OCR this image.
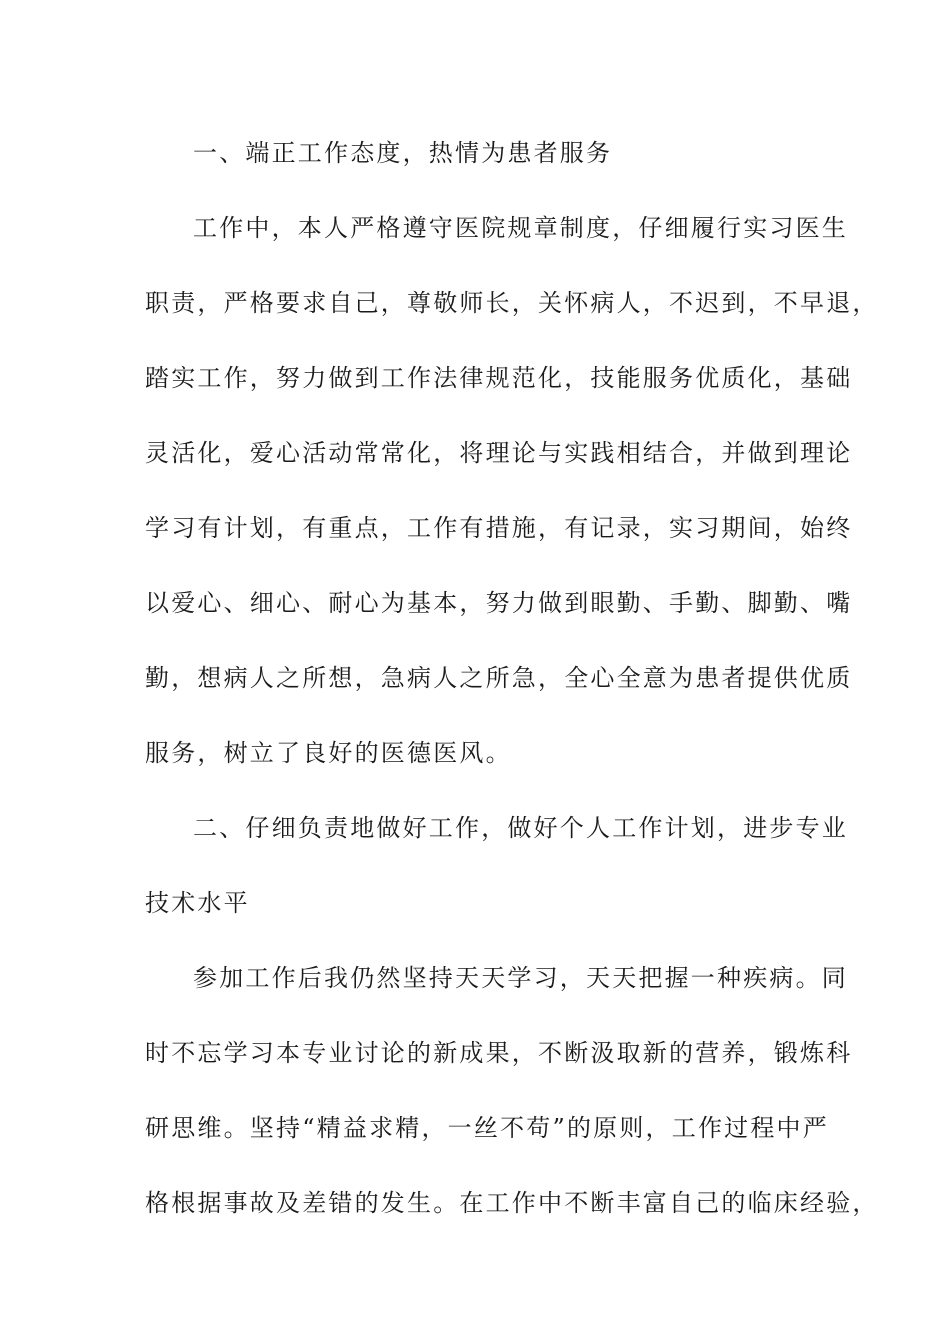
一、端正工作态度，热情为患者服务
工作中，本人严格遵守医院规章制度，仔细履行实习医生
职责，严格要求自己，尊敬师长，关怀病人，不迟到，不早退，
踏实工作，努力做到工作法律规范化，技能服务优质化，基础
灵活化，爱心活动常常化，将理论与实践相结合，并做到理论
学习有计划，有重点，工作有措施，有记录，实习期间，始终
以爱心、细心、耐心为基本，努力做到眼勤、手勤、脚勤、嘴
勤，想病人之所想，急病人之所急，全心全意为患者提供优质
服务，树立了良好的医德医风。
二、仔细负责地做好工作，做好个人工作计划，进步专业
技术水平
参加工作后我仍然坚持天天学习，天天把握一种疾病。同
时不忘学习本专业讨论的新成果，不断汲取新的营养，锻炼科
研思维。坚持“精益求精，一丝不苟”的原则，工作过程中严
格根据事故及差错的发生。在工作中不断丰富自己的临床经验，
